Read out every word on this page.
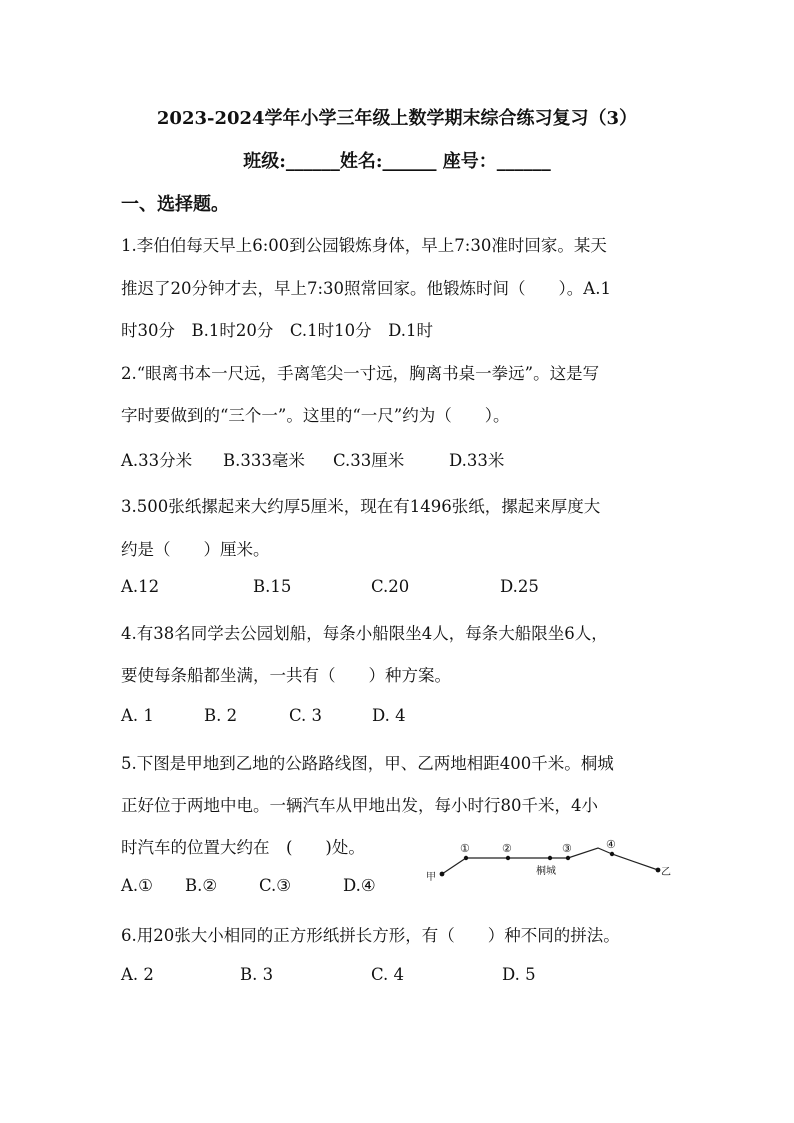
2023-2024学年小学三年级上数学期末综合练习复习（3）
班级:______姓名:______ 座号：______
一、选择题。
1.李伯伯每天早上6:00到公园锻炼身体，早上7:30准时回家。某天
推迟了20分钟才去，早上7:30照常回家。他锻炼时间（　　）。A.1
时30分　B.1时20分　C.1时10分　D.1时
2.“眼离书本一尺远，手离笔尖一寸远，胸离书桌一拳远”。这是写
字时要做到的“三个一”。这里的“一尺”约为（　　）。
A.33分米 B.333毫米 C.33厘米	D.33米
3.500张纸摞起来大约厚5厘米，现在有1496张纸，摞起来厚度大
约是（　　）厘米。
A.12	B.15	C.20	D.25
4.有38名同学去公园划船，每条小船限坐4人，每条大船限坐6人，
要使每条船都坐满，一共有（　　）种方案。
A. 1	B. 2	C. 3	D. 4
5.下图是甲地到乙地的公路路线图，甲、乙两地相距400千米。桐城
正好位于两地中电。一辆汽车从甲地出发，每小时行80千米，4小
时汽车的位置大约在　(　　)处。
A.① B.②	C.③	D.④	甲	乙
桐城
①	②	③	④
6.用20张大小相同的正方形纸拼长方形，有（　　）种不同的拼法。
A. 2	B. 3	C. 4	D. 5
